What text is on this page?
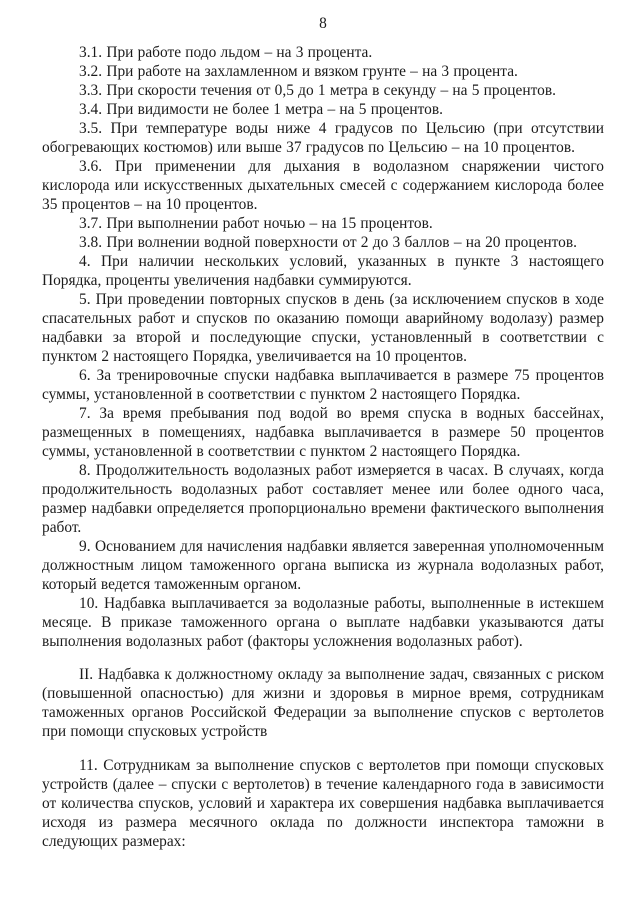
8

3.1. При работе подо льдом – на 3 процента.

3.2. При работе на захламленном и вязком грунте – на 3 процента.

3.3. При скорости течения от 0,5 до 1 метра в секунду – на 5 процентов.

3.4. При видимости не более 1 метра – на 5 процентов.

3.5. При температуре воды ниже 4 градусов по Цельсию (при отсутствии обогревающих костюмов) или выше 37 градусов по Цельсию – на 10 процентов.

3.6. При применении для дыхания в водолазном снаряжении чистого кислорода или искусственных дыхательных смесей с содержанием кислорода более 35 процентов – на 10 процентов.

3.7. При выполнении работ ночью – на 15 процентов.

3.8. При волнении водной поверхности от 2 до 3 баллов – на 20 процентов.

4. При наличии нескольких условий, указанных в пункте 3 настоящего Порядка, проценты увеличения надбавки суммируются.

5. При проведении повторных спусков в день (за исключением спусков в ходе спасательных работ и спусков по оказанию помощи аварийному водолазу) размер надбавки за второй и последующие спуски, установленный в соответствии с пунктом 2 настоящего Порядка, увеличивается на 10 процентов.

6. За тренировочные спуски надбавка выплачивается в размере 75 процентов суммы, установленной в соответствии с пунктом 2 настоящего Порядка.

7. За время пребывания под водой во время спуска в водных бассейнах, размещенных в помещениях, надбавка выплачивается в размере 50 процентов суммы, установленной в соответствии с пунктом 2 настоящего Порядка.

8. Продолжительность водолазных работ измеряется в часах. В случаях, когда продолжительность водолазных работ составляет менее или более одного часа, размер надбавки определяется пропорционально времени фактического выполнения работ.

9. Основанием для начисления надбавки является заверенная уполномоченным должностным лицом таможенного органа выписка из журнала водолазных работ, который ведется таможенным органом.

10. Надбавка выплачивается за водолазные работы, выполненные в истекшем месяце. В приказе таможенного органа о выплате надбавки указываются даты выполнения водолазных работ (факторы усложнения водолазных работ).

II. Надбавка к должностному окладу за выполнение задач, связанных с риском (повышенной опасностью) для жизни и здоровья в мирное время, сотрудникам таможенных органов Российской Федерации за выполнение спусков с вертолетов при помощи спусковых устройств

11. Сотрудникам за выполнение спусков с вертолетов при помощи спусковых устройств (далее – спуски с вертолетов) в течение календарного года в зависимости от количества спусков, условий и характера их совершения надбавка выплачивается исходя из размера месячного оклада по должности инспектора таможни в следующих размерах:
